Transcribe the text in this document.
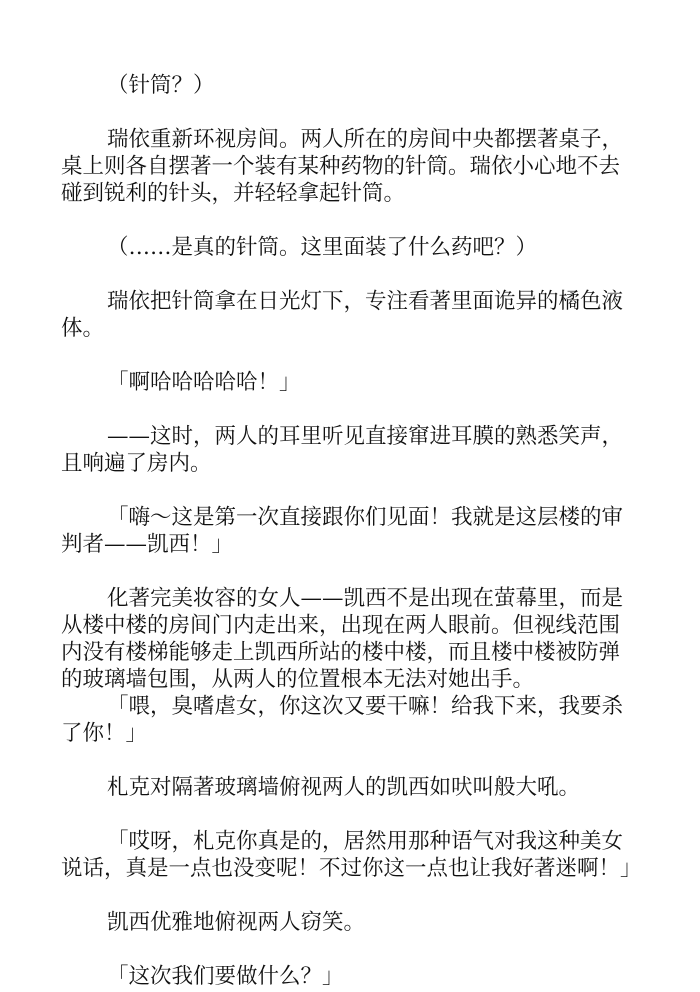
（针筒？）

瑞依重新环视房间。两人所在的房间中央都摆著桌子，桌上则各自摆著一个装有某种药物的针筒。瑞依小心地不去碰到锐利的针头，并轻轻拿起针筒。

（……是真的针筒。这里面装了什么药吧？）

瑞依把针筒拿在日光灯下，专注看著里面诡异的橘色液体。

「啊哈哈哈哈哈！」

——这时，两人的耳里听见直接窜进耳膜的熟悉笑声，且响遍了房内。

「嗨～这是第一次直接跟你们见面！我就是这层楼的审判者——凯西！」

化著完美妆容的女人——凯西不是出现在萤幕里，而是从楼中楼的房间门内走出来，出现在两人眼前。但视线范围内没有楼梯能够走上凯西所站的楼中楼，而且楼中楼被防弹的玻璃墙包围，从两人的位置根本无法对她出手。

「喂，臭嗜虐女，你这次又要干嘛！给我下来，我要杀了你！」

札克对隔著玻璃墙俯视两人的凯西如吠叫般大吼。

「哎呀，札克你真是的，居然用那种语气对我这种美女说话，真是一点也没变呢！不过你这一点也让我好著迷啊！」

凯西优雅地俯视两人窃笑。

「这次我们要做什么？」
